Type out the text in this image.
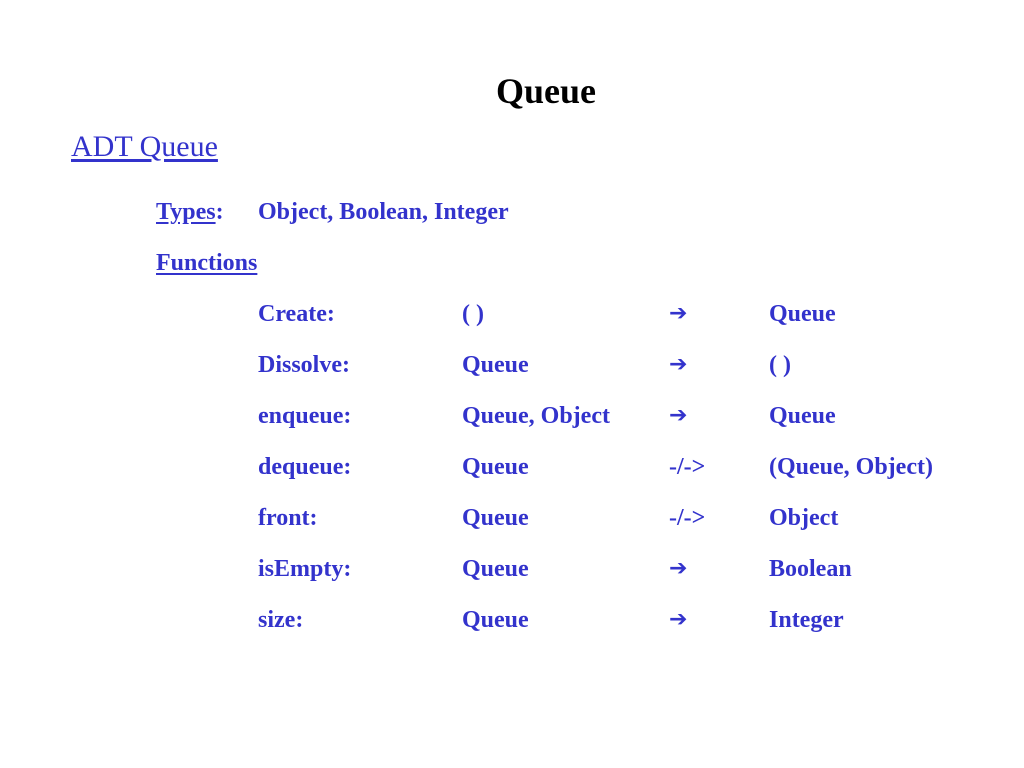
Queue
ADT Queue
Types: Object, Boolean, Integer
Functions
Create:	( )	➔	Queue
Dissolve:	Queue	➔	( )
enqueue:	Queue, Object	➔	Queue
dequeue:	Queue	-/->	(Queue, Object)
front:	Queue	-/->	Object
isEmpty:	Queue	➔	Boolean
size:	Queue	➔	Integer
